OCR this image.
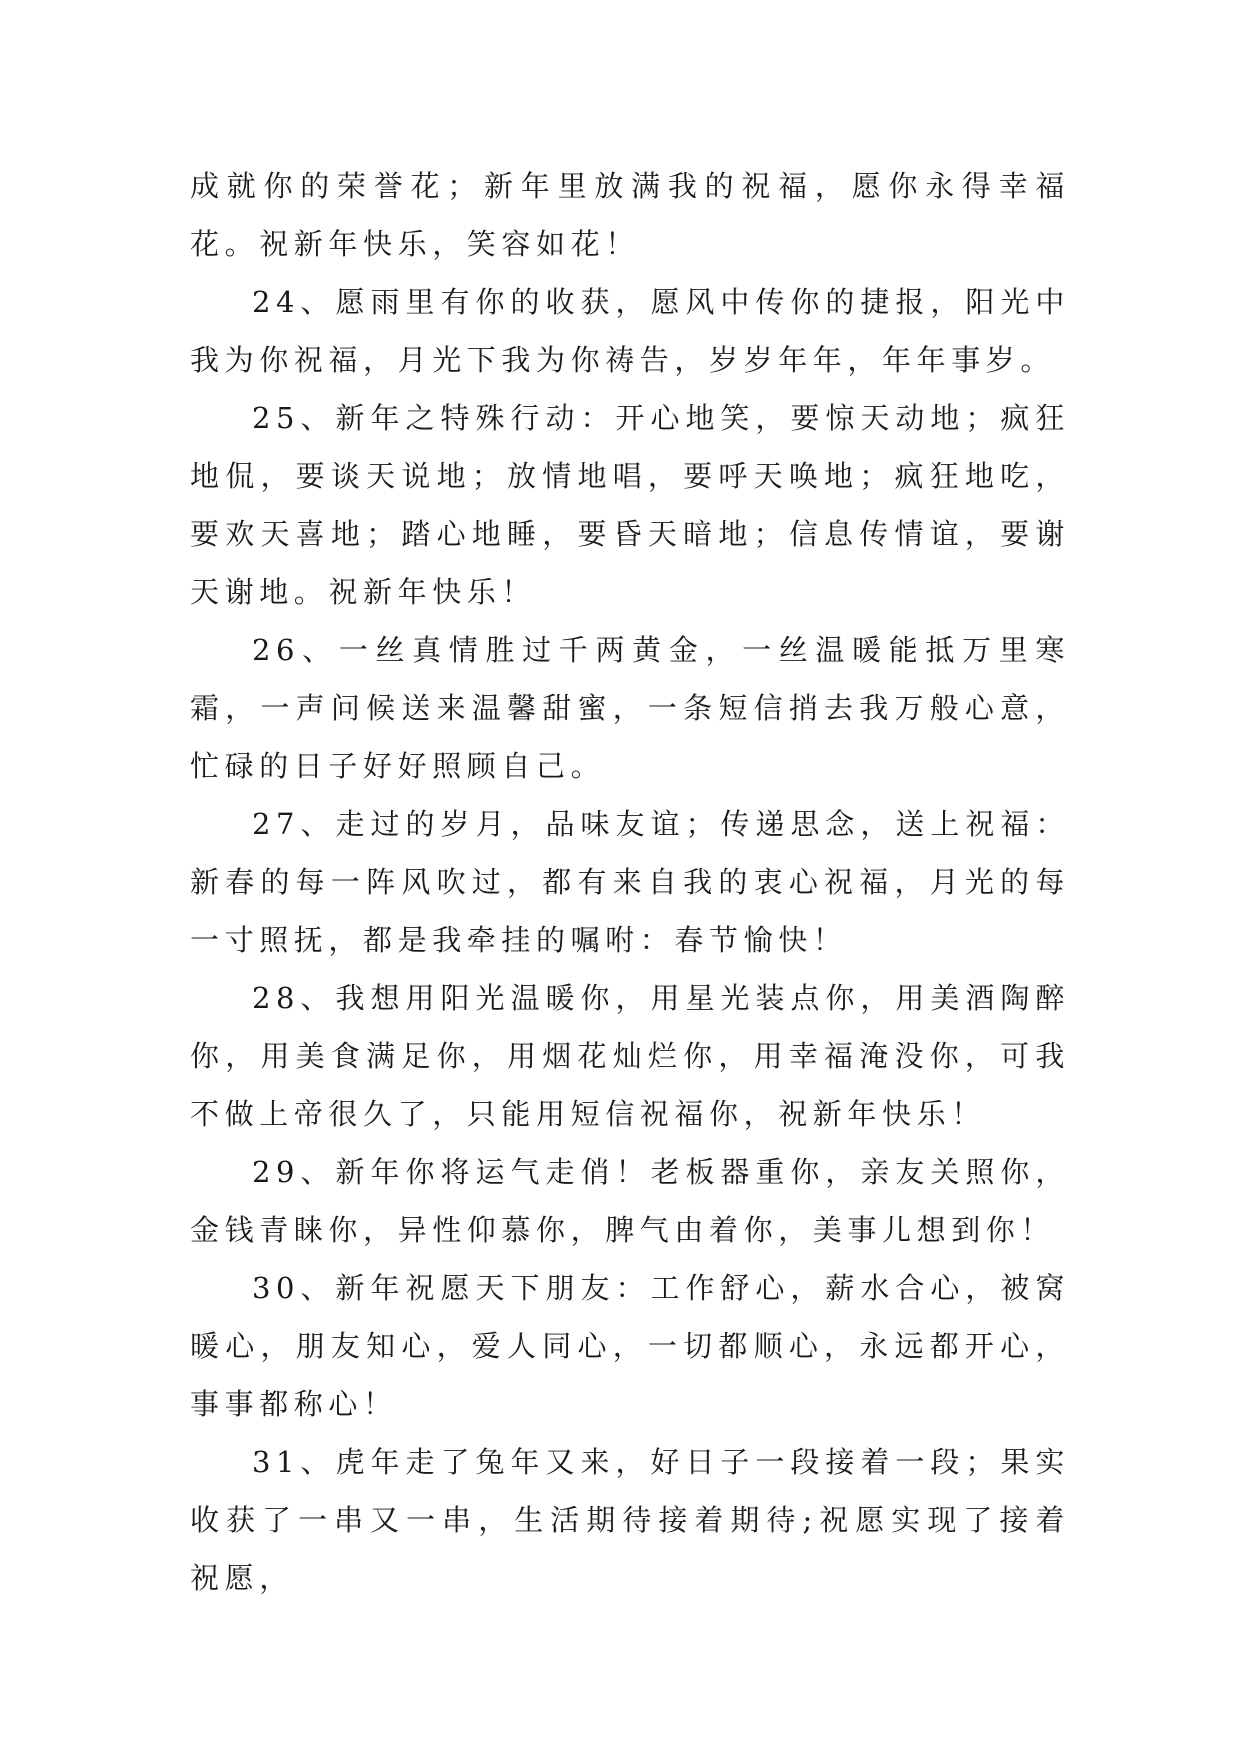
成就你的荣誉花；新年里放满我的祝福，愿你永得幸福花。祝新年快乐，笑容如花！

24、愿雨里有你的收获，愿风中传你的捷报，阳光中我为你祝福，月光下我为你祷告，岁岁年年，年年事岁。

25、新年之特殊行动：开心地笑，要惊天动地；疯狂地侃，要谈天说地；放情地唱，要呼天唤地；疯狂地吃，要欢天喜地；踏心地睡，要昏天暗地；信息传情谊，要谢天谢地。祝新年快乐！

26、一丝真情胜过千两黄金，一丝温暖能抵万里寒霜，一声问候送来温馨甜蜜，一条短信捎去我万般心意，忙碌的日子好好照顾自己。

27、走过的岁月，品味友谊；传递思念，送上祝福：新春的每一阵风吹过，都有来自我的衷心祝福，月光的每一寸照抚，都是我牵挂的嘱咐：春节愉快！

28、我想用阳光温暖你，用星光装点你，用美酒陶醉你，用美食满足你，用烟花灿烂你，用幸福淹没你，可我不做上帝很久了，只能用短信祝福你，祝新年快乐！

29、新年你将运气走俏！老板器重你，亲友关照你，金钱青睐你，异性仰慕你，脾气由着你，美事儿想到你！

30、新年祝愿天下朋友：工作舒心，薪水合心，被窝暖心，朋友知心，爱人同心，一切都顺心，永远都开心，事事都称心！

31、虎年走了兔年又来，好日子一段接着一段；果实收获了一串又一串，生活期待接着期待;祝愿实现了接着祝愿，
